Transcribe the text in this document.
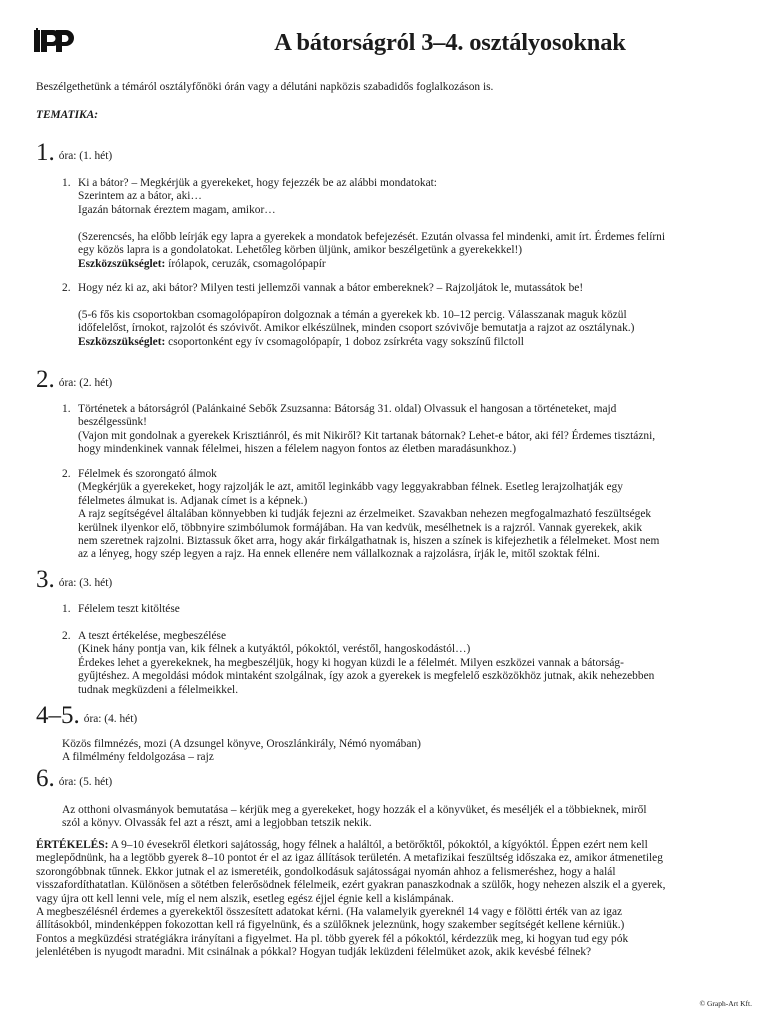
A bátorságról 3–4. osztályosoknak
Beszélgethetünk a témáról osztályfőnöki órán vagy a délutáni napközis szabadidős foglalkozáson is.
TEMATIKA:
1. óra: (1. hét)
1. Ki a bátor? – Megkérjük a gyerekeket, hogy fejezzék be az alábbi mondatokat:
Szerintem az a bátor, aki…
Igazán bátornak éreztem magam, amikor…
(Szerencsés, ha előbb leírják egy lapra a gyerekek a mondatok befejezését. Ezután olvassa fel mindenki, amit írt. Érdemes felírni
egy közös lapra is a gondolatokat. Lehetőleg körben üljünk, amikor beszélgetünk a gyerekekkel!)
Eszközszükséglet: írólapok, ceruzák, csomagolópapír
2. Hogy néz ki az, aki bátor? Milyen testi jellemzői vannak a bátor embereknek? – Rajzoljátok le, mutassátok be!
(5-6 fős kis csoportokban csomagolópapíron dolgoznak a témán a gyerekek kb. 10–12 percig. Válasszanak maguk közül
időfelelőst, írnokot, rajzolót és szóvivőt. Amikor elkészülnek, minden csoport szóvivője bemutatja a rajzot az osztálynak.)
Eszközszükséglet: csoportonként egy ív csomagolópapír, 1 doboz zsírkréta vagy sokszínű filctoll
2. óra: (2. hét)
1. Történetek a bátorságról (Palánkainé Sebők Zsuzsanna: Bátorság 31. oldal) Olvassuk el hangosan a történeteket, majd
beszélgessünk!
(Vajon mit gondolnak a gyerekek Krisztiánról, és mit Nikiről? Kit tartanak bátornak? Lehet-e bátor, aki fél? Érdemes tisztázni,
hogy mindenkinek vannak félelmei, hiszen a félelem nagyon fontos az életben maradásunkhoz.)
2. Félelmek és szorongató álmok
(Megkérjük a gyerekeket, hogy rajzolják le azt, amitől leginkább vagy leggyakrabban félnek. Esetleg lerajzolhatják egy
félelmetes álmukat is. Adjanak címet is a képnek.)
A rajz segítségével általában könnyebben ki tudják fejezni az érzelmeiket. Szavakban nehezen megfogalmazható feszültségek
kerülnek ilyenkor elő, többnyire szimbólumok formájában. Ha van kedvük, mesélhetnek is a rajzról. Vannak gyerekek, akik
nem szeretnek rajzolni. Biztassuk őket arra, hogy akár firkálgathatnak is, hiszen a színek is kifejezhetik a félelmeket. Most nem
az a lényeg, hogy szép legyen a rajz. Ha ennek ellenére nem vállalkoznak a rajzolásra, írják le, mitől szoktak félni.
3. óra: (3. hét)
1. Félelem teszt kitöltése
2. A teszt értékelése, megbeszélése
(Kinek hány pontja van, kik félnek a kutyáktól, pókoktól, veréstől, hangoskodástól…)
Érdekes lehet a gyerekeknek, ha megbeszéljük, hogy ki hogyan küzdi le a félelmét. Milyen eszközei vannak a bátorság-
gyűjtéshez. A megoldási módok mintaként szolgálnak, így azok a gyerekek is megfelelő eszközökhöz jutnak, akik nehezebben
tudnak megküzdeni a félelmeikkel.
4–5. óra: (4. hét)
Közös filmnézés, mozi (A dzsungel könyve, Oroszlánkirály, Némó nyomában)
A filmélmény feldolgozása – rajz
6. óra: (5. hét)
Az otthoni olvasmányok bemutatása – kérjük meg a gyerekeket, hogy hozzák el a könyvüket, és meséljék el a többieknek, miről
szól a könyv. Olvassák fel azt a részt, ami a legjobban tetszik nekik.
ÉRTÉKELÉS: A 9–10 évesekről életkori sajátosság, hogy félnek a haláltól, a betörőktől, pókoktól, a kígyóktól. Éppen ezért nem kell
meglepődnünk, ha a legtöbb gyerek 8–10 pontot ér el az igaz állítások területén. A metafizikai feszültség időszaka ez, amikor átmenetileg
szorongóbbnak tűnnek. Ekkor jutnak el az ismeretéik, gondolkodásuk sajátosságai nyomán ahhoz a felismeréshez, hogy a halál
visszafordíthatatlan. Különösen a sötétben felerősödnek félelmeik, ezért gyakran panaszkodnak a szülők, hogy nehezen alszik el a gyerek,
vagy újra ott kell lenni vele, míg el nem alszik, esetleg egész éjjel égnie kell a kislámpának.
A megbeszélésnél érdemes a gyerekektől összesített adatokat kérni. (Ha valamelyik gyereknél 14 vagy e fölötti érték van az igaz
állításokból, mindenképpen fokozottan kell rá figyelnünk, és a szülőknek jeleznünk, hogy szakember segítségét kellene kérniük.)
Fontos a megküzdési stratégiákra irányítani a figyelmet. Ha pl. több gyerek fél a pókoktól, kérdezzük meg, ki hogyan tud egy pók
jelenlétében is nyugodt maradni. Mit csinálnak a pókkal? Hogyan tudják leküzdeni félelmüket azok, akik kevésbé félnek?
© Graph-Art Kft.
